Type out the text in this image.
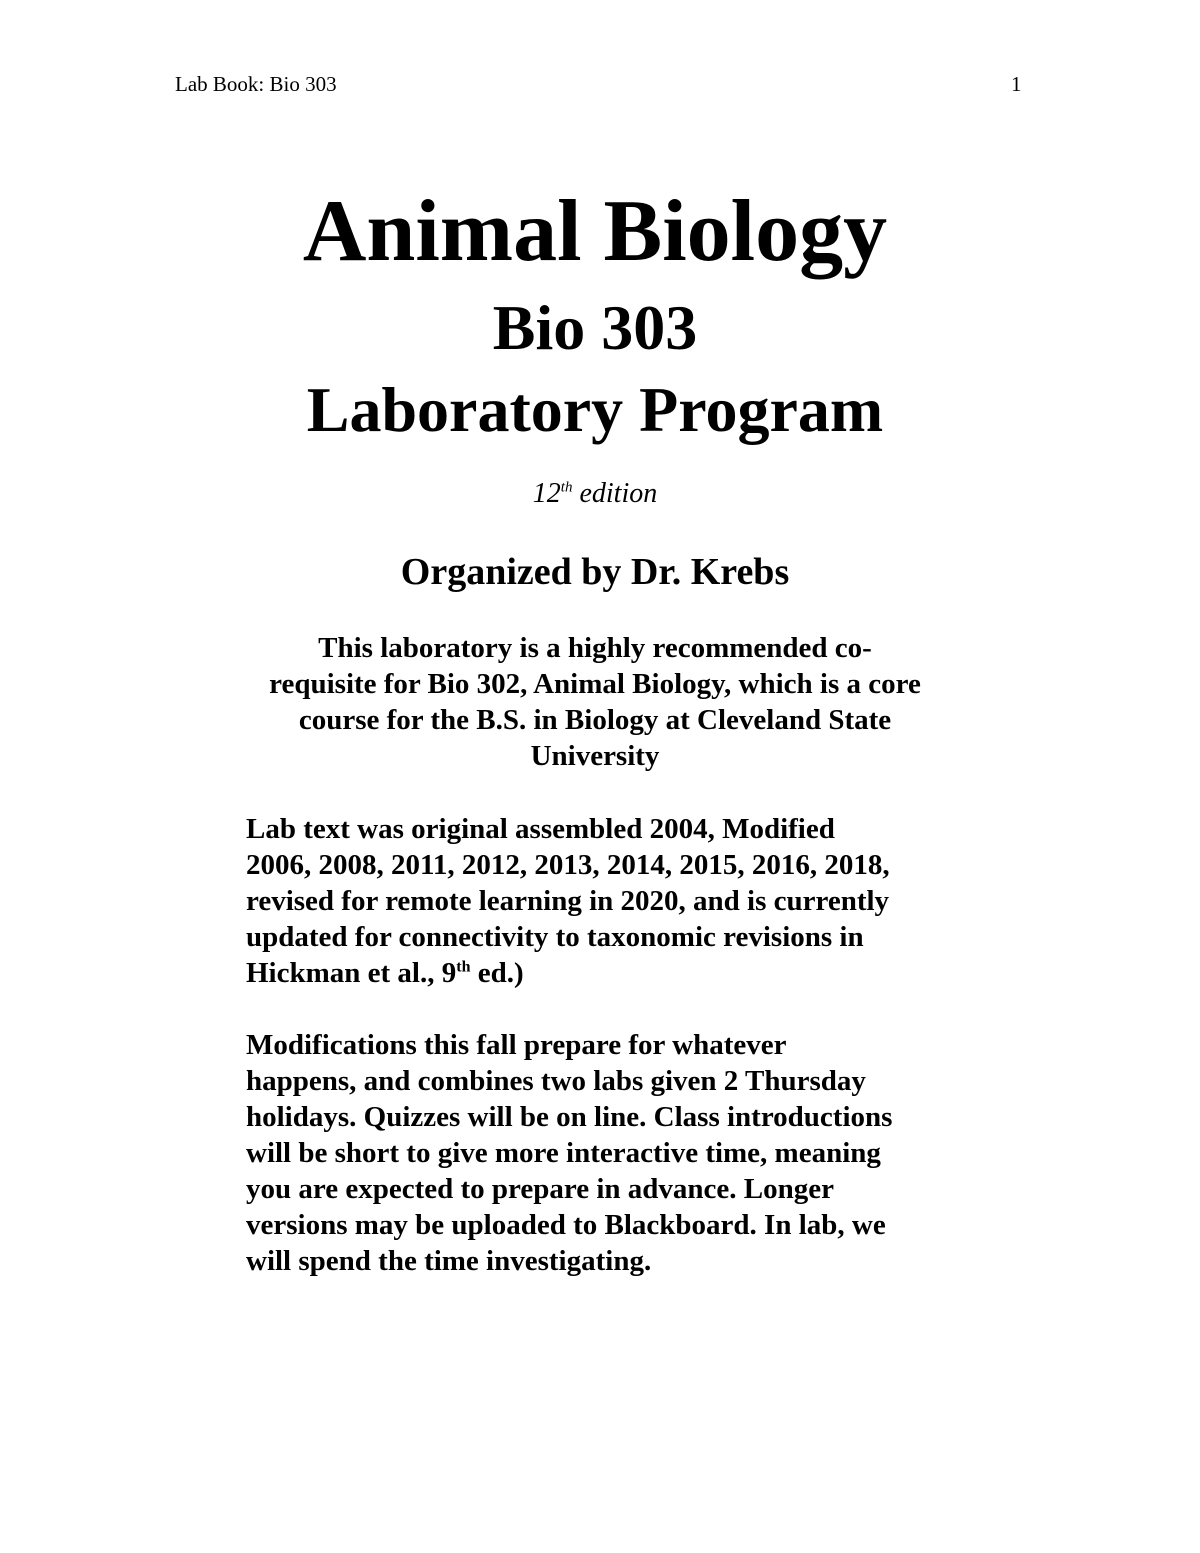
Lab Book: Bio 303	1
Animal Biology
Bio 303
Laboratory Program
12th edition
Organized by Dr. Krebs
This laboratory is a highly recommended co-
requisite for Bio 302, Animal Biology, which is a core
course for the B.S. in Biology at Cleveland State
University
Lab text was original assembled 2004, Modified
2006, 2008, 2011, 2012, 2013, 2014, 2015, 2016, 2018,
revised for remote learning in 2020, and is currently
updated for connectivity to taxonomic revisions in
Hickman et al., 9th ed.)
Modifications this fall prepare for whatever
happens, and combines two labs given 2 Thursday
holidays. Quizzes will be on line. Class introductions
will be short to give more interactive time, meaning
you are expected to prepare in advance. Longer
versions may be uploaded to Blackboard. In lab, we
will spend the time investigating.
